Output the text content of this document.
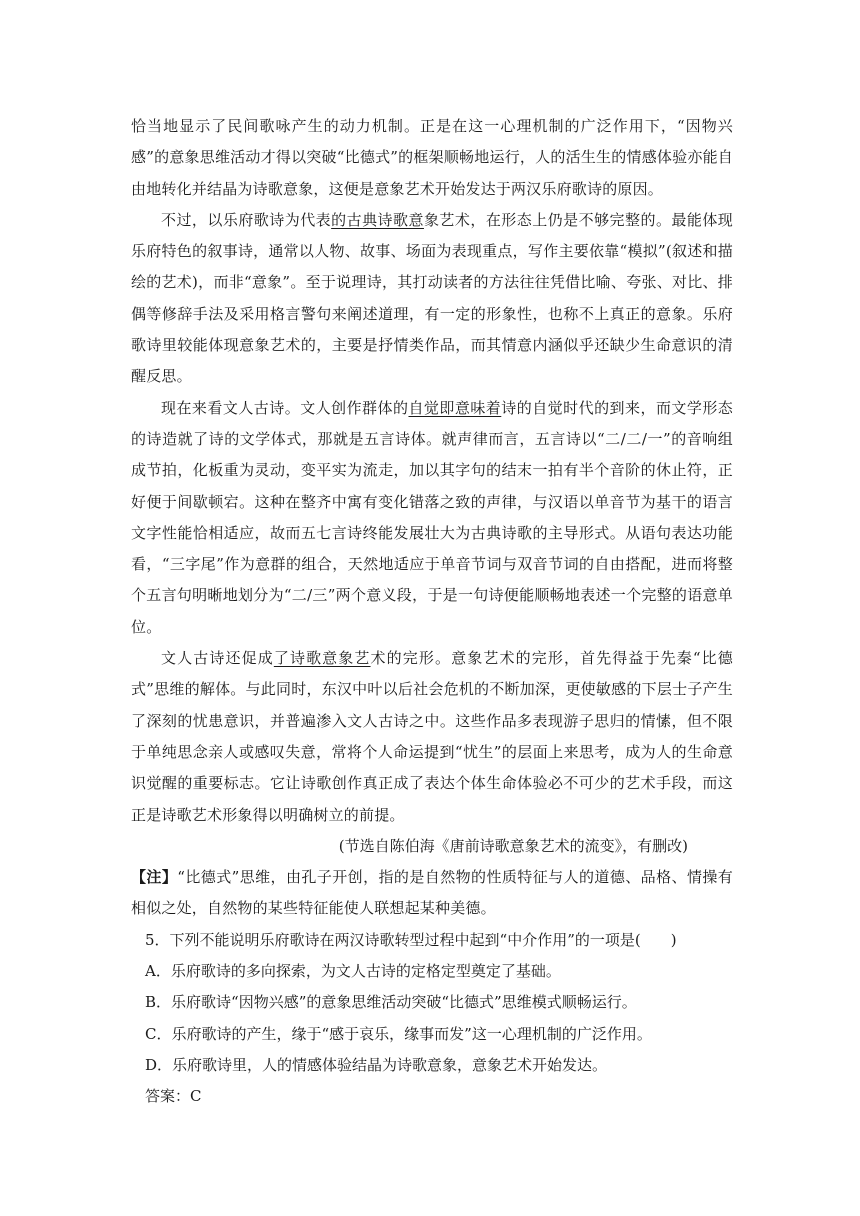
恰当地显示了民间歌咏产生的动力机制。正是在这一心理机制的广泛作用下，“因物兴感”的意象思维活动才得以突破“比德式”的框架顺畅地运行，人的活生生的情感体验亦能自由地转化并结晶为诗歌意象，这便是意象艺术开始发达于两汉乐府歌诗的原因。

不过，以乐府歌诗为代表的古典诗歌意象艺术，在形态上仍是不够完整的。最能体现乐府特色的叙事诗，通常以人物、故事、场面为表现重点，写作主要依靠“模拟”(叙述和描绘的艺术)，而非“意象”。至于说理诗，其打动读者的方法往往凭借比喻、夸张、对比、排偶等修辞手法及采用格言警句来阐述道理，有一定的形象性，也称不上真正的意象。乐府歌诗里较能体现意象艺术的，主要是抒情类作品，而其情意内涵似乎还缺少生命意识的清醒反思。

现在来看文人古诗。文人创作群体的自觉即意味着诗的自觉时代的到来，而文学形态的诗造就了诗的文学体式，那就是五言诗体。就声律而言，五言诗以“二/二/一”的音响组成节拍，化板重为灵动，变平实为流走，加以其字句的结末一拍有半个音阶的休止符，正好便于间歇顿宕。这种在整齐中寓有变化错落之致的声律，与汉语以单音节为基干的语言文字性能恰相适应，故而五七言诗终能发展壮大为古典诗歌的主导形式。从语句表达功能看，“三字尾”作为意群的组合，天然地适应于单音节词与双音节词的自由搭配，进而将整个五言句明晰地划分为“二/三”两个意义段，于是一句诗便能顺畅地表述一个完整的语意单位。

文人古诗还促成了诗歌意象艺术的完形。意象艺术的完形，首先得益于先秦“比德式”思维的解体。与此同时，东汉中叶以后社会危机的不断加深，更使敏感的下层士子产生了深刻的忧患意识，并普遍渗入文人古诗之中。这些作品多表现游子思归的情愫，但不限于单纯思念亲人或感叹失意，常将个人命运提到“忧生”的层面上来思考，成为人的生命意识觉醒的重要标志。它让诗歌创作真正成了表达个体生命体验必不可少的艺术手段，而这正是诗歌艺术形象得以明确树立的前提。

(节选自陈伯海《唐前诗歌意象艺术的流变》，有删改)

【注】“比德式”思维，由孔子开创，指的是自然物的性质特征与人的道德、品格、情操有相似之处，自然物的某些特征能使人联想起某种美德。

5．下列不能说明乐府歌诗在两汉诗歌转型过程中起到“中介作用”的一项是(　　)

A．乐府歌诗的多向探索，为文人古诗的定格定型奠定了基础。

B．乐府歌诗“因物兴感”的意象思维活动突破“比德式”思维模式顺畅运行。

C．乐府歌诗的产生，缘于“感于哀乐，缘事而发”这一心理机制的广泛作用。

D．乐府歌诗里，人的情感体验结晶为诗歌意象，意象艺术开始发达。

答案：C
